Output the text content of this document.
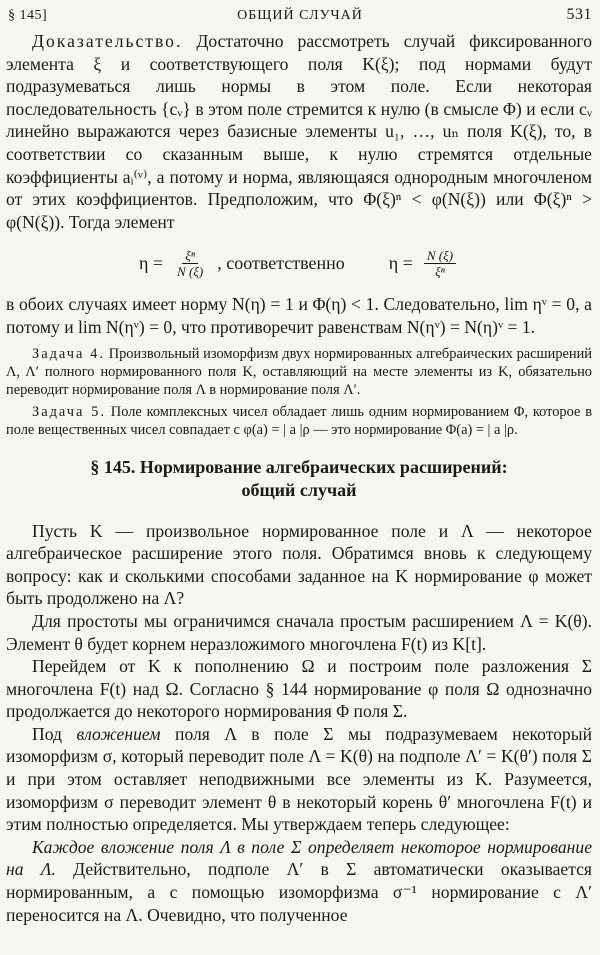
§ 145]	ОБЩИЙ СЛУЧАЙ	531

Доказательство. Достаточно рассмотреть случай фиксированного элемента ξ и соответствующего поля K(ξ); под нормами будут подразумеваться лишь нормы в этом поле. Если некоторая последовательность {cᵥ} в этом поле стремится к нулю (в смысле Φ) и если cᵥ линейно выражаются через базисные элементы u₁, …, uₙ поля K(ξ), то, в соответствии со сказанным выше, к нулю стремятся отдельные коэффициенты aᵢ⁽ᵛ⁾, а потому и норма, являющаяся однородным многочленом от этих коэффициентов. Предположим, что Φ(ξ)ⁿ < φ(N(ξ)) или Φ(ξ)ⁿ > φ(N(ξ)). Тогда элемент

$\eta = \frac{\text{ξⁿ}}{N (\xi)}$ , соответственно $\eta = \frac{N (\xi)}{\text{ξⁿ}}$

в обоих случаях имеет норму N(η) = 1 и Φ(η) < 1. Следовательно, lim ηᵛ = 0, а потому и lim N(ηᵛ) = 0, что противоречит равенствам N(ηᵛ) = N(η)ᵛ = 1.

Задача 4. Произвольный изоморфизм двух нормированных алгебраических расширений Λ, Λ′ полного нормированного поля K, оставляющий на месте элементы из K, обязательно переводит нормирование поля Λ в нормирование поля Λ′.

Задача 5. Поле комплексных чисел обладает лишь одним нормированием Φ, которое в поле вещественных чисел совпадает с φ(a) = | a |ρ — это нормирование Φ(a) = | a |ρ.

§ 145. Нормирование алгебраических расширений:
общий случай

Пусть K — произвольное нормированное поле и Λ — некоторое алгебраическое расширение этого поля. Обратимся вновь к следующему вопросу: как и сколькими способами заданное на K нормирование φ может быть продолжено на Λ?

Для простоты мы ограничимся сначала простым расширением Λ = K(θ). Элемент θ будет корнем неразложимого многочлена F(t) из K[t].

Перейдем от K к пополнению Ω и построим поле разложения Σ многочлена F(t) над Ω. Согласно § 144 нормирование φ поля Ω однозначно продолжается до некоторого нормирования Φ поля Σ.

Под вложением поля Λ в поле Σ мы подразумеваем некоторый изоморфизм σ, который переводит поле Λ = K(θ) на подполе Λ′ = K(θ′) поля Σ и при этом оставляет неподвижными все элементы из K. Разумеется, изоморфизм σ переводит элемент θ в некоторый корень θ′ многочлена F(t) и этим полностью определяется. Мы утверждаем теперь следующее:

Каждое вложение поля Λ в поле Σ определяет некоторое нормирование на Λ. Действительно, подполе Λ′ в Σ автоматически оказывается нормированным, а с помощью изоморфизма σ⁻¹ нормирование с Λ′ переносится на Λ. Очевидно, что полученное
